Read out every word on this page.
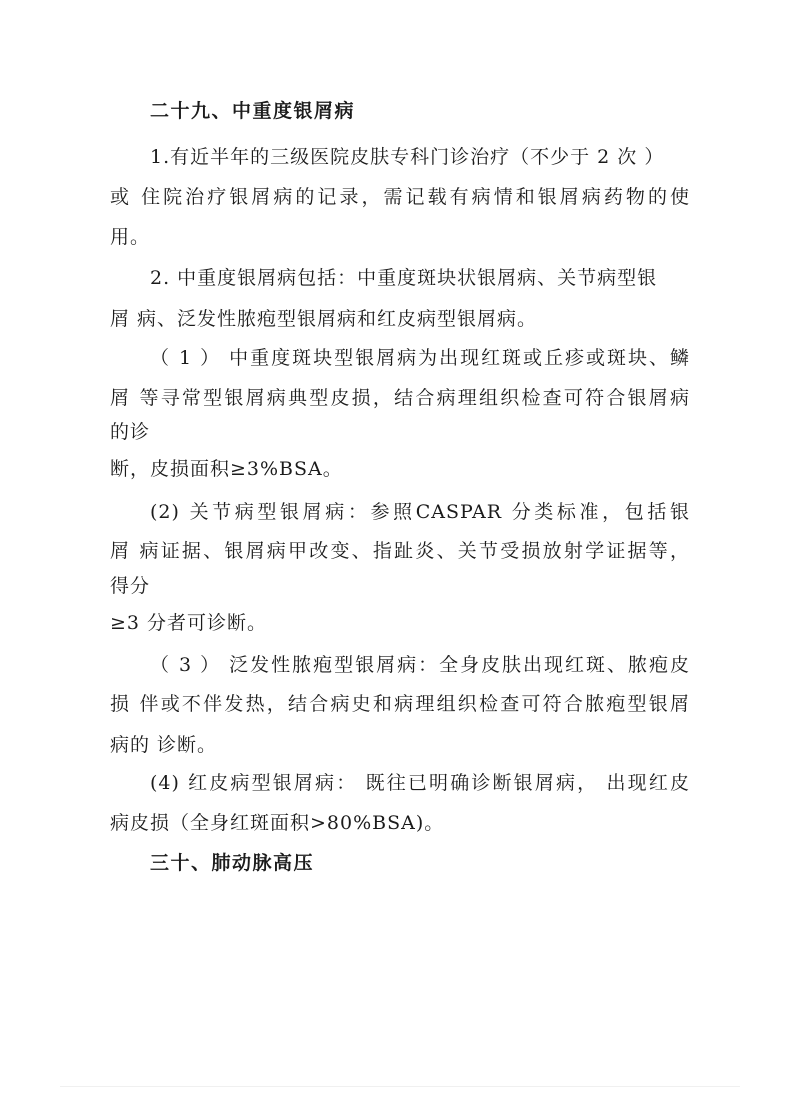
二十九、中重度银屑病
1.有近半年的三级医院皮肤专科门诊治疗（不少于 2 次 ）
或 住院治疗银屑病的记录，需记载有病情和银屑病药物的使
用。
2. 中重度银屑病包括：中重度斑块状银屑病、关节病型银
屑 病、泛发性脓疱型银屑病和红皮病型银屑病。
（ 1 ） 中重度斑块型银屑病为出现红斑或丘疹或斑块、鳞
屑 等寻常型银屑病典型皮损，结合病理组织检查可符合银屑病
的诊
断，皮损面积≥3%BSA。
(2) 关节病型银屑病：参照CASPAR 分类标准，包括银
屑 病证据、银屑病甲改变、指趾炎、关节受损放射学证据等，
得分
≥3 分者可诊断。
（ 3 ） 泛发性脓疱型银屑病：全身皮肤出现红斑、脓疱皮
损 伴或不伴发热，结合病史和病理组织检查可符合脓疱型银屑
病的 诊断。
(4) 红皮病型银屑病： 既往已明确诊断银屑病， 出现红皮
病皮损（全身红斑面积>80%BSA)。
三十、肺动脉高压
